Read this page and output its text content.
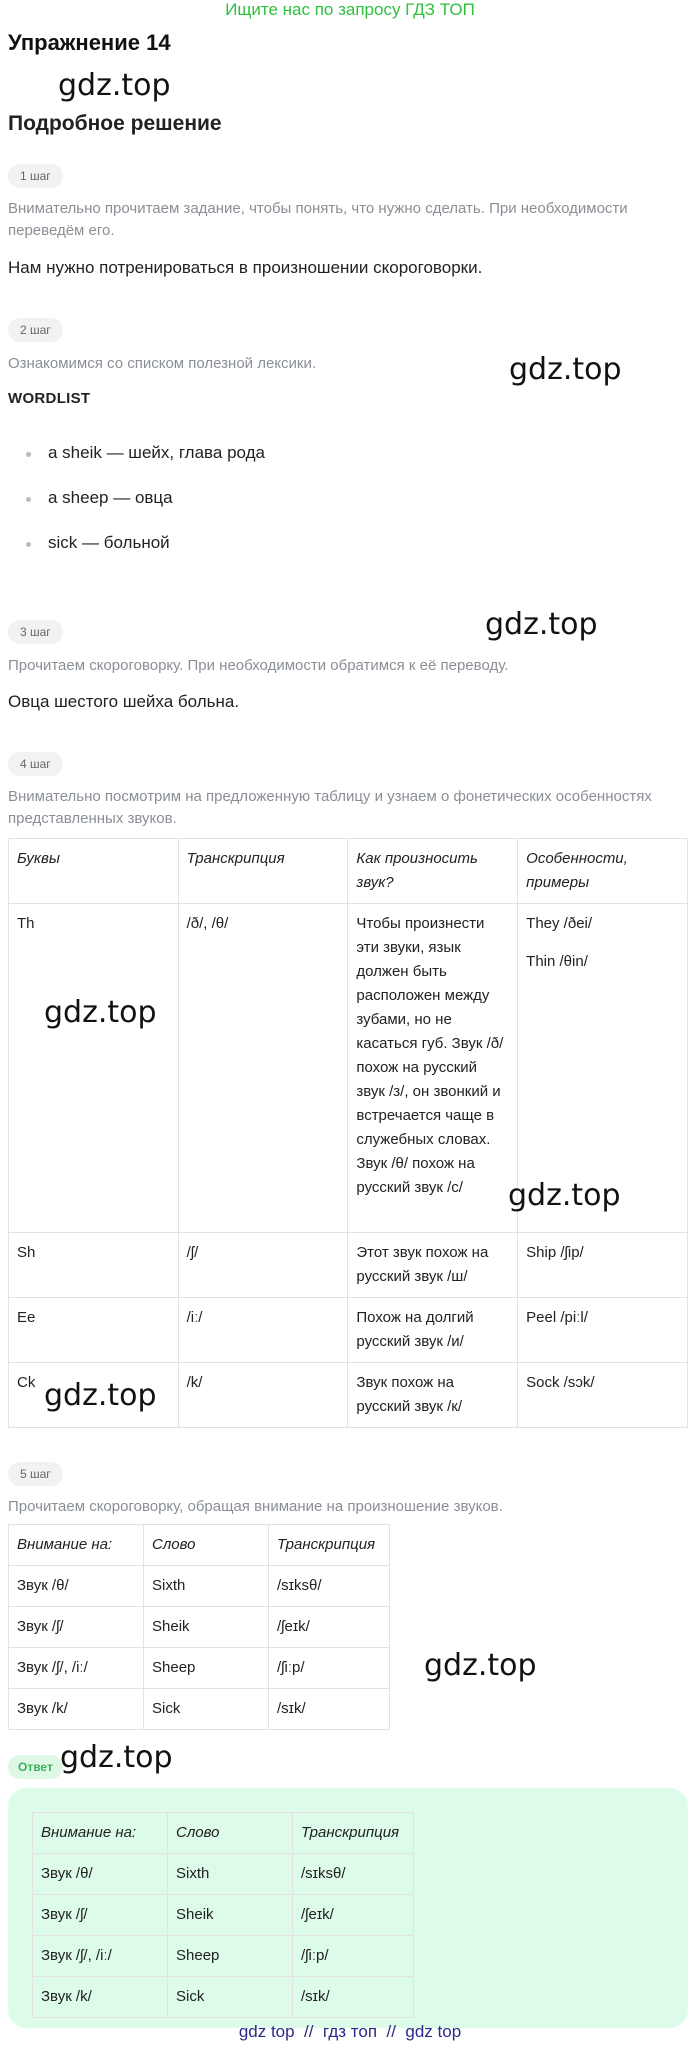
Ищите нас по запросу ГДЗ ТОП
Упражнение 14
gdz.top
Подробное решение
1 шаг
Внимательно прочитаем задание, чтобы понять, что нужно сделать. При необходимости переведём его.
Нам нужно потренироваться в произношении скороговорки.
2 шаг
Ознакомимся со списком полезной лексики.	gdz.top
WORDLIST
a sheik — шейх, глава рода
a sheep — овца
sick — больной
3 шаг	gdz.top
Прочитаем скороговорку. При необходимости обратимся к её переводу.
Овца шестого шейха больна.
4 шаг
Внимательно посмотрим на предложенную таблицу и узнаем о фонетических особенностях представленных звуков.
Буквы	Транскрипция	Как произносить звук?	Особенности, примеры
Th	/ð/, /θ/	Чтобы произнести эти звуки, язык должен быть расположен между зубами, но не касаться губ. Звук /ð/ похож на русский звук /з/, он звонкий и встречается чаще в служебных словах. Звук /θ/ похож на русский звук /с/	They /ðei/
Thin /θin/

Sh	/ʃ/	Этот звук похож на русский звук /ш/	Ship /ʃip/
Ee	/iː/	Похож на долгий русский звук /и/	Peel /piːl/
Ck	/k/	Звук похож на русский звук /к/	Sock /sɔk/
gdz.top
gdz.top
gdz.top
5 шаг
Прочитаем скороговорку, обращая внимание на произношение звуков.
Внимание на:	Слово	Транскрипция
Звук /θ/	Sixth	/sɪksθ/
Звук /ʃ/	Sheik	/ʃeɪk/
Звук /ʃ/, /iː/	Sheep	/ʃiːp/
Звук /k/	Sick	/sɪk/
gdz.top
Ответ gdz.top
Внимание на:	Слово	Транскрипция
Звук /θ/	Sixth	/sɪksθ/
Звук /ʃ/	Sheik	/ʃeɪk/
Звук /ʃ/, /iː/	Sheep	/ʃiːp/
Звук /k/	Sick	/sɪk/
gdz top  //  гдз топ  //  gdz top
